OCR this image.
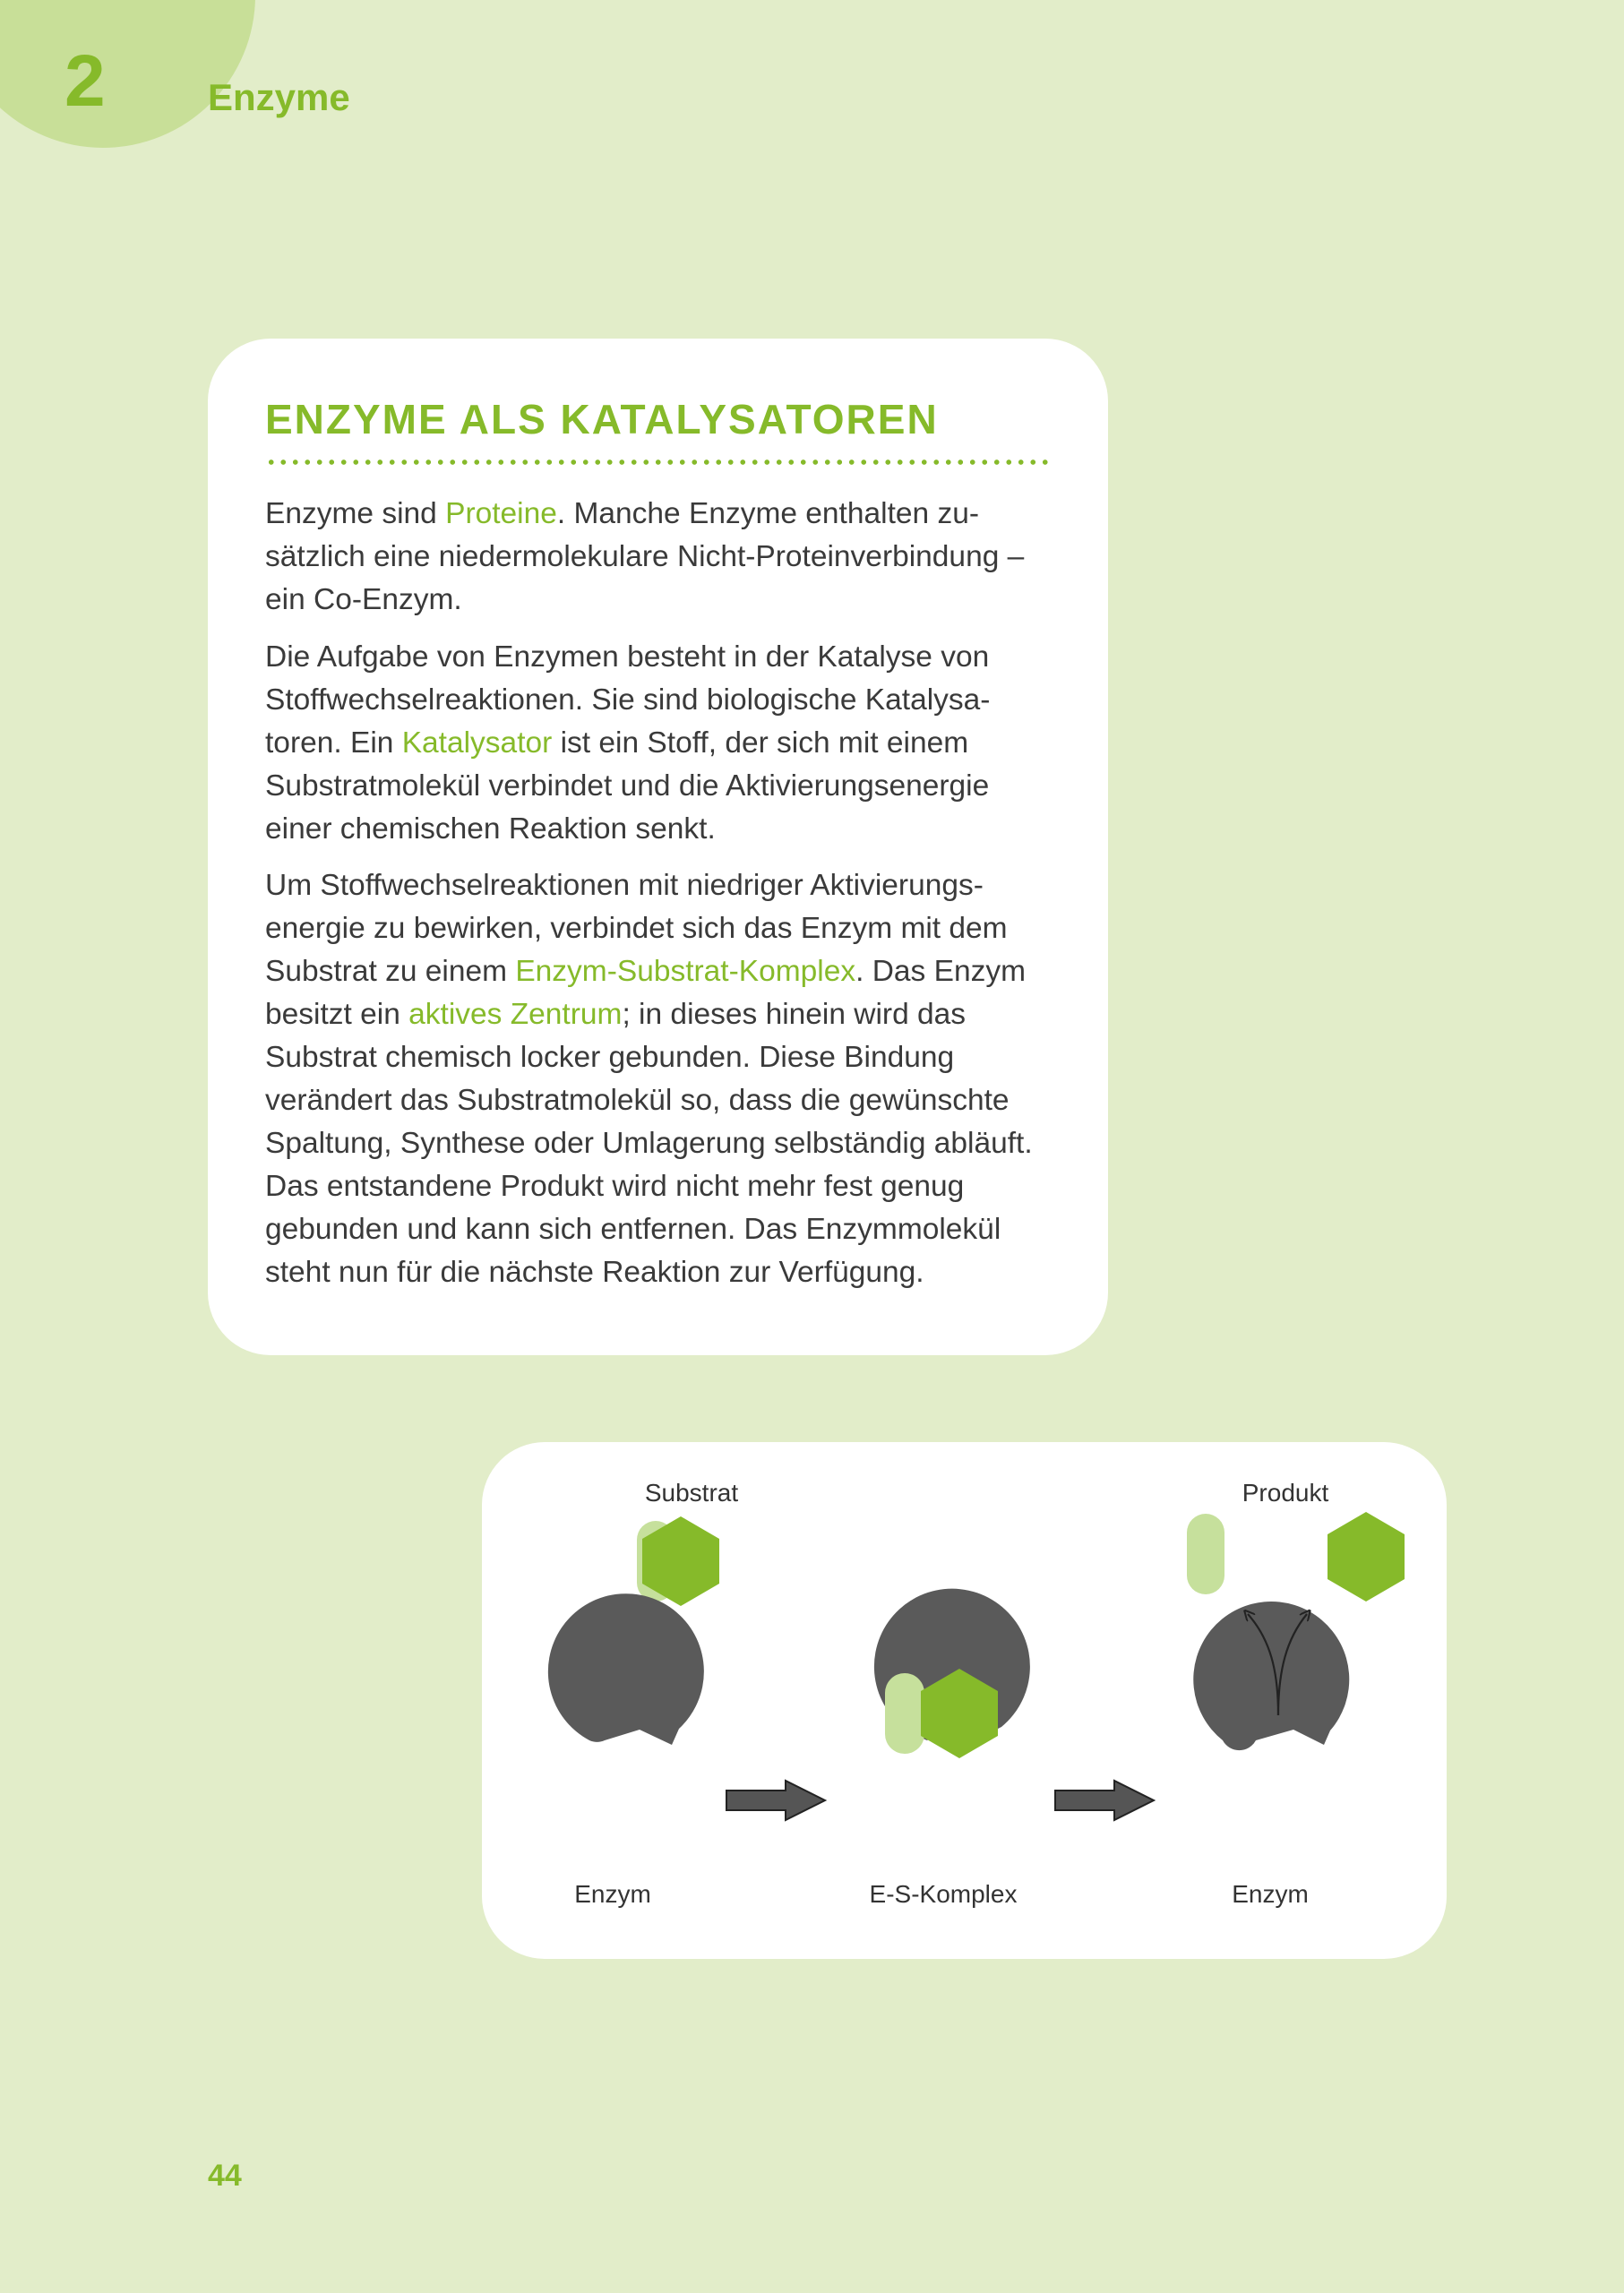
2	Enzyme
ENZYME ALS KATALYSATOREN
Enzyme sind Proteine. Manche Enzyme enthalten zu-
sätzlich eine niedermolekulare Nicht-Proteinverbindung –
ein Co-Enzym.
Die Aufgabe von Enzymen besteht in der Katalyse von
Stoffwechselreaktionen. Sie sind biologische Katalysa-
toren. Ein Katalysator ist ein Stoff, der sich mit einem
Substratmolekül verbindet und die Aktivierungsenergie
einer chemischen Reaktion senkt.
Um Stoffwechselreaktionen mit niedriger Aktivierungs-
energie zu bewirken, verbindet sich das Enzym mit dem
Substrat zu einem Enzym-Substrat-Komplex. Das Enzym
besitzt ein aktives Zentrum; in dieses hinein wird das
Substrat chemisch locker gebunden. Diese Bindung
verändert das Substratmolekül so, dass die gewünschte
Spaltung, Synthese oder Umlagerung selbständig abläuft.
Das entstandene Produkt wird nicht mehr fest genug
gebunden und kann sich entfernen. Das Enzymmolekül
steht nun für die nächste Reaktion zur Verfügung.
Substrat	Produkt
Enzym	E-S-Komplex	Enzym
44
